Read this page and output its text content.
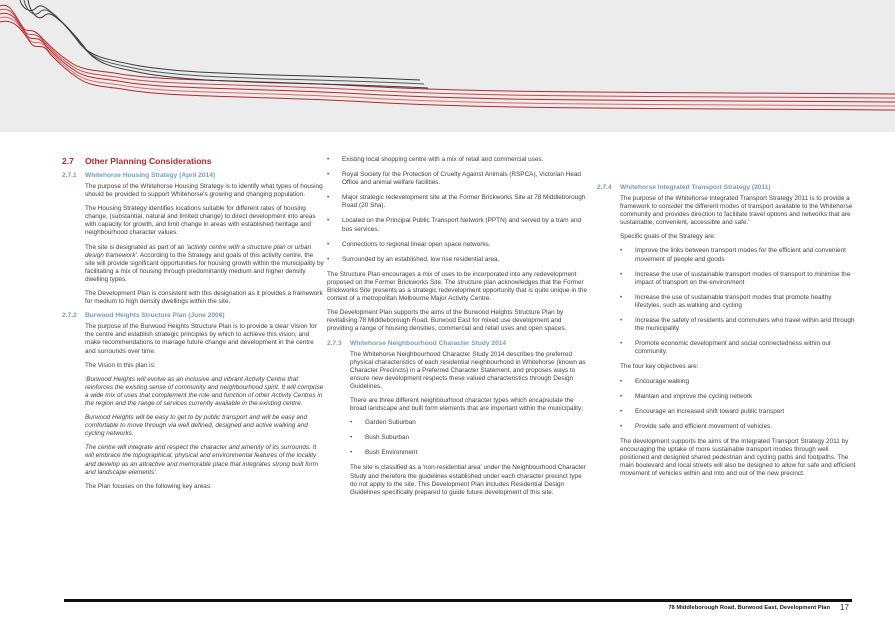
2.7 Other Planning Considerations
2.7.1 Whitehorse Housing Strategy (April 2014)

The purpose of the Whitehorse Housing Strategy is to identify what types of housing should be provided to support Whitehorse's growing and changing population.

The Housing Strategy identifies locations suitable for different rates of housing change, (substantial, natural and limited change) to direct development into areas with capacity for growth, and limit change in areas with established heritage and neighbourhood character values.

The site is designated as part of an 'activity centre with a structure plan or urban design framework'. According to the Strategy and goals of this activity centre, the site will provide significant opportunities for housing growth within the municipality by facilitating a mix of housing through predominantly medium and higher density dwelling types.

The Development Plan is consistent with this designation as it provides a framework for medium to high density dwellings within the site.

2.7.2 Burwood Heights Structure Plan (June 2006)

The purpose of the Burwood Heights Structure Plan is to provide a clear Vision for the centre and establish strategic principles by which to achieve this vision, and make recommendations to manage future change and development in the centre and surrounds over time.

The Vision in this plan is:

'Burwood Heights will evolve as an inclusive and vibrant Activity Centre that reinforces the existing sense of community and neighbourhood spirit. It will comprise a wide mix of uses that complement the role and function of other Activity Centres in the region and the range of services currently available in the existing centre.

Burwood Heights will be easy to get to by public transport and will be easy and comfortable to move through via well defined, designed and active walking and cycling networks.

The centre will integrate and respect the character and amenity of its surrounds. It will embrace the topographical, physical and environmental features of the locality and develop as an attractive and memorable place that integrates strong built form and landscape elements'.

The Plan focuses on the following key areas:

• Existing local shopping centre with a mix of retail and commercial uses.
• Royal Society for the Protection of Cruelty Against Animals (RSPCA), Victorian Head Office and animal welfare facilities.
• Major strategic redevelopment site at the Former Brickworks Site at 78 Middleborough Road (20 Sha).
• Located on the Principal Public Transport Network (PPTN) and served by a tram and bus services.
• Connections to regional linear open space networks.
• Surrounded by an established, low rise residential area.

The Structure Plan encourages a mix of uses to be incorporated into any redevelopment proposed on the Former Brickworks Site. The structure plan acknowledges that the Former Brickworks Site presents as a strategic redevelopment opportunity that is quite unique in the context of a metropolitan Melbourne Major Activity Centre.

The Development Plan supports the aims of the Burwood Heights Structure Plan by revitalising 78 Middleborough Road, Burwood East for mixed use development and providing a range of housing densities, commercial and retail uses and open spaces.

2.7.3 Whitehorse Neighbourhood Character Study 2014

The Whitehorse Neighbourhood Character Study 2014 describes the preferred physical characteristics of each residential neighbourhood in Whitehorse (known as Character Precincts) in a Preferred Character Statement, and proposes ways to ensure new development respects these valued characteristics through Design Guidelines.

There are three different neighbourhood character types which encapsulate the broad landscape and built form elements that are important within the municipality;

• Garden Suburban
• Bush Suburban
• Bush Environment

The site is classified as a 'non-residential area' under the Neighbourhood Character Study and therefore the guidelines established under each character precinct type do not apply to the site. This Development Plan includes Residential Design Guidelines specifically prepared to guide future development of this site.

2.7.4 Whitehorse Integrated Transport Strategy (2011)

The purpose of the Whitehorse Integrated Transport Strategy 2011 is to provide a framework to consider the different modes of transport available to the Whitehorse community and provides direction to facilitate travel options and networks that are sustainable, convenient, accessible and safe.'

Specific goals of the Strategy are:

• Improve the links between transport modes for the efficient and convenient movement of people and goods
• Increase the use of sustainable transport modes of transport to minimise the impact of transport on the environment
• Increase the use of sustainable transport modes that promote healthy lifestyles, such as walking and cycling
• Increase the safety of residents and commuters who travel within and through the municipality
• Promote economic development and social connectedness within our community.

The four key objectives are:

• Encourage walking
• Maintain and improve the cycling network
• Encourage an increased shift toward public transport
• Provide safe and efficient movement of vehicles.

The development supports the aims of the Integrated Transport Strategy 2011 by encouraging the uptake of more sustainable transport modes through well positioned and designed shared pedestrian and cycling paths and footpaths. The main boulevard and local streets will also be designed to allow for safe and efficient movement of vehicles within and into and out of the new precinct.

78 Middleborough Road, Burwood East, Development Plan 17
